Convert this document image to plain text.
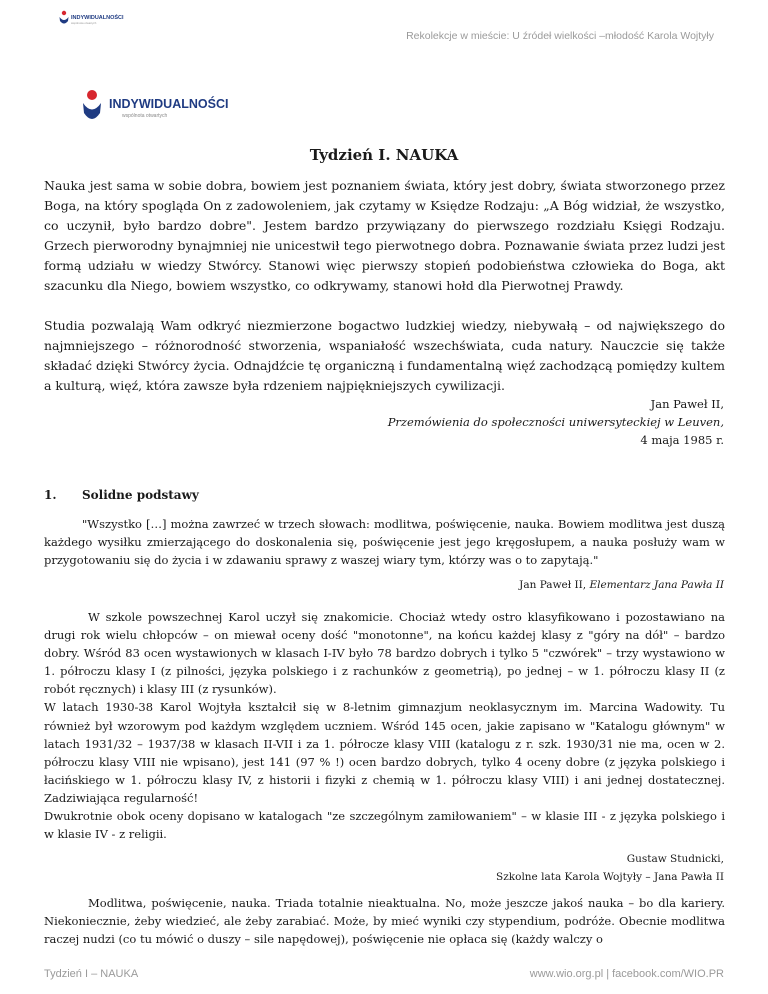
INDYWIDUALNOŚCI
wspólnota otwartych
Rekolekcje w mieście: U źródeł wielkości –młodość Karola Wojtyły
INDYWIDUALNOŚCI
wspólnota otwartych
Tydzień I. NAUKA

Nauka jest sama w sobie dobra, bowiem jest poznaniem świata, który jest dobry, świata stworzonego przez Boga, na który spogląda On z zadowoleniem, jak czytamy w Księdze Rodzaju: „A Bóg widział, że wszystko, co uczynił, było bardzo dobre". Jestem bardzo przywiązany do pierwszego rozdziału Księgi Rodzaju. Grzech pierworodny bynajmniej nie unicestwił tego pierwotnego dobra. Poznawanie świata przez ludzi jest formą udziału w wiedzy Stwórcy. Stanowi więc pierwszy stopień podobieństwa człowieka do Boga, akt szacunku dla Niego, bowiem wszystko, co odkrywamy, stanowi hołd dla Pierwotnej Prawdy.

Studia pozwalają Wam odkryć niezmierzone bogactwo ludzkiej wiedzy, niebywałą – od największego do najmniejszego – różnorodność stworzenia, wspaniałość wszechświata, cuda natury. Nauczcie się także składać dzięki Stwórcy życia. Odnajdźcie tę organiczną i fundamentalną więź zachodzącą pomiędzy kultem a kulturą, więź, która zawsze była rdzeniem najpiękniejszych cywilizacji.

Jan Paweł II,
Przemówienia do społeczności uniwersyteckiej w Leuven,
4 maja 1985 r.
1. Solidne podstawy

"Wszystko […] można zawrzeć w trzech słowach: modlitwa, poświęcenie, nauka. Bowiem modlitwa jest duszą każdego wysiłku zmierzającego do doskonalenia się, poświęcenie jest jego kręgosłupem, a nauka posłuży wam w przygotowaniu się do życia i w zdawaniu sprawy z waszej wiary tym, którzy was o to zapytają."

Jan Paweł II, Elementarz Jana Pawła II
W szkole powszechnej Karol uczył się znakomicie. Chociaż wtedy ostro klasyfikowano i pozostawiano na drugi rok wielu chłopców – on miewał oceny dość "monotonne", na końcu każdej klasy z "góry na dół" – bardzo dobry. Wśród 83 ocen wystawionych w klasach I-IV było 78 bardzo dobrych i tylko 5 "czwórek" – trzy wystawiono w 1. półroczu klasy I (z pilności, języka polskiego i z rachunków z geometrią), po jednej – w 1. półroczu klasy II (z robót ręcznych) i klasy III (z rysunków).
W latach 1930-38 Karol Wojtyła kształcił się w 8-letnim gimnazjum neoklasycznym im. Marcina Wadowity. Tu również był wzorowym pod każdym względem uczniem. Wśród 145 ocen, jakie zapisano w "Katalogu głównym" w latach 1931/32 – 1937/38 w klasach II-VII i za 1. półrocze klasy VIII (katalogu z r. szk. 1930/31 nie ma, ocen w 2. półroczu klasy VIII nie wpisano), jest 141 (97 % !) ocen bardzo dobrych, tylko 4 oceny dobre (z języka polskiego i łacińskiego w 1. półroczu klasy IV, z historii i fizyki z chemią w 1. półroczu klasy VIII) i ani jednej dostatecznej. Zadziwiająca regularność!
Dwukrotnie obok oceny dopisano w katalogach "ze szczególnym zamiłowaniem" – w klasie III - z języka polskiego i w klasie IV - z religii.
Gustaw Studnicki,
Szkolne lata Karola Wojtyły – Jana Pawła II

Modlitwa, poświęcenie, nauka. Triada totalnie nieaktualna. No, może jeszcze jakoś nauka – bo dla kariery. Niekoniecznie, żeby wiedzieć, ale żeby zarabiać. Może, by mieć wyniki czy stypendium, podróże. Obecnie modlitwa raczej nudzi (co tu mówić o duszy – sile napędowej), poświęcenie nie opłaca się (każdy walczy o

Tydzień I – NAUKA	www.wio.org.pl | facebook.com/WIO.PR
